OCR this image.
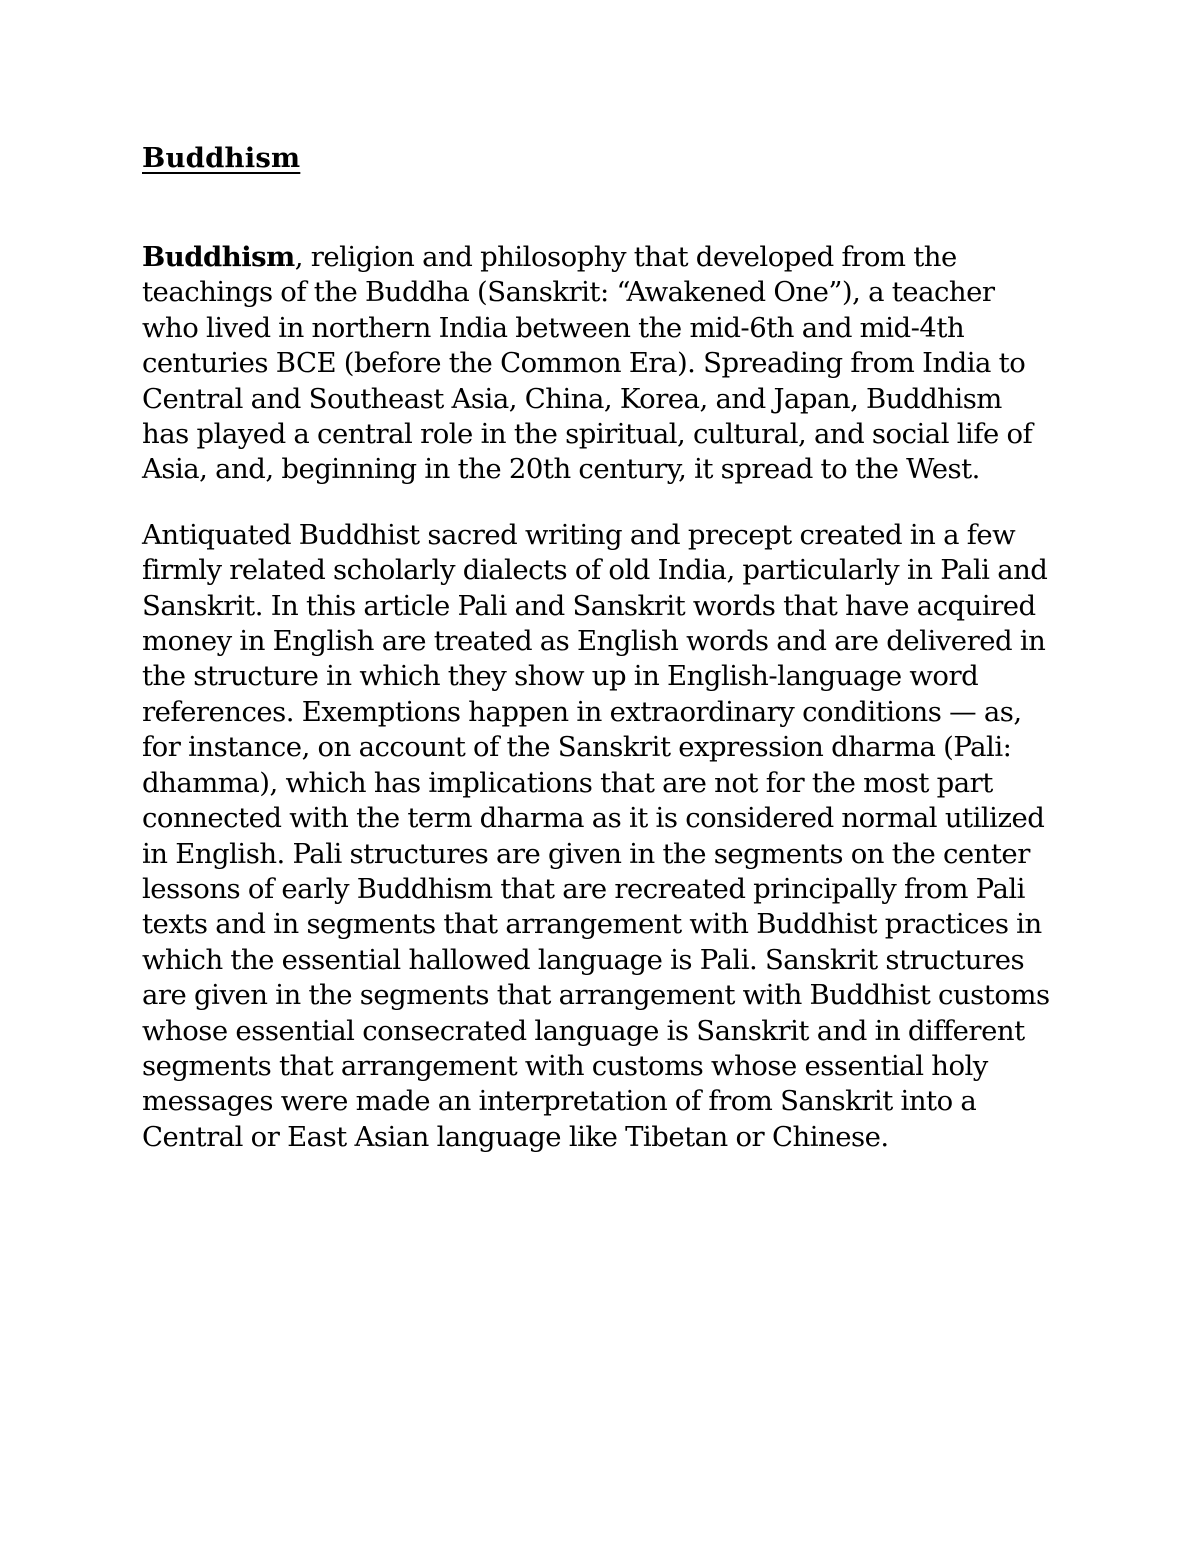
Buddhism

Buddhism, religion and philosophy that developed from the teachings of the Buddha (Sanskrit: “Awakened One”), a teacher who lived in northern India between the mid-6th and mid-4th centuries BCE (before the Common Era). Spreading from India to Central and Southeast Asia, China, Korea, and Japan, Buddhism has played a central role in the spiritual, cultural, and social life of Asia, and, beginning in the 20th century, it spread to the West.

Antiquated Buddhist sacred writing and precept created in a few firmly related scholarly dialects of old India, particularly in Pali and Sanskrit. In this article Pali and Sanskrit words that have acquired money in English are treated as English words and are delivered in the structure in which they show up in English-language word references. Exemptions happen in extraordinary conditions — as, for instance, on account of the Sanskrit expression dharma (Pali: dhamma), which has implications that are not for the most part connected with the term dharma as it is considered normal utilized in English. Pali structures are given in the segments on the center lessons of early Buddhism that are recreated principally from Pali texts and in segments that arrangement with Buddhist practices in which the essential hallowed language is Pali. Sanskrit structures are given in the segments that arrangement with Buddhist customs whose essential consecrated language is Sanskrit and in different segments that arrangement with customs whose essential holy messages were made an interpretation of from Sanskrit into a Central or East Asian language like Tibetan or Chinese.
